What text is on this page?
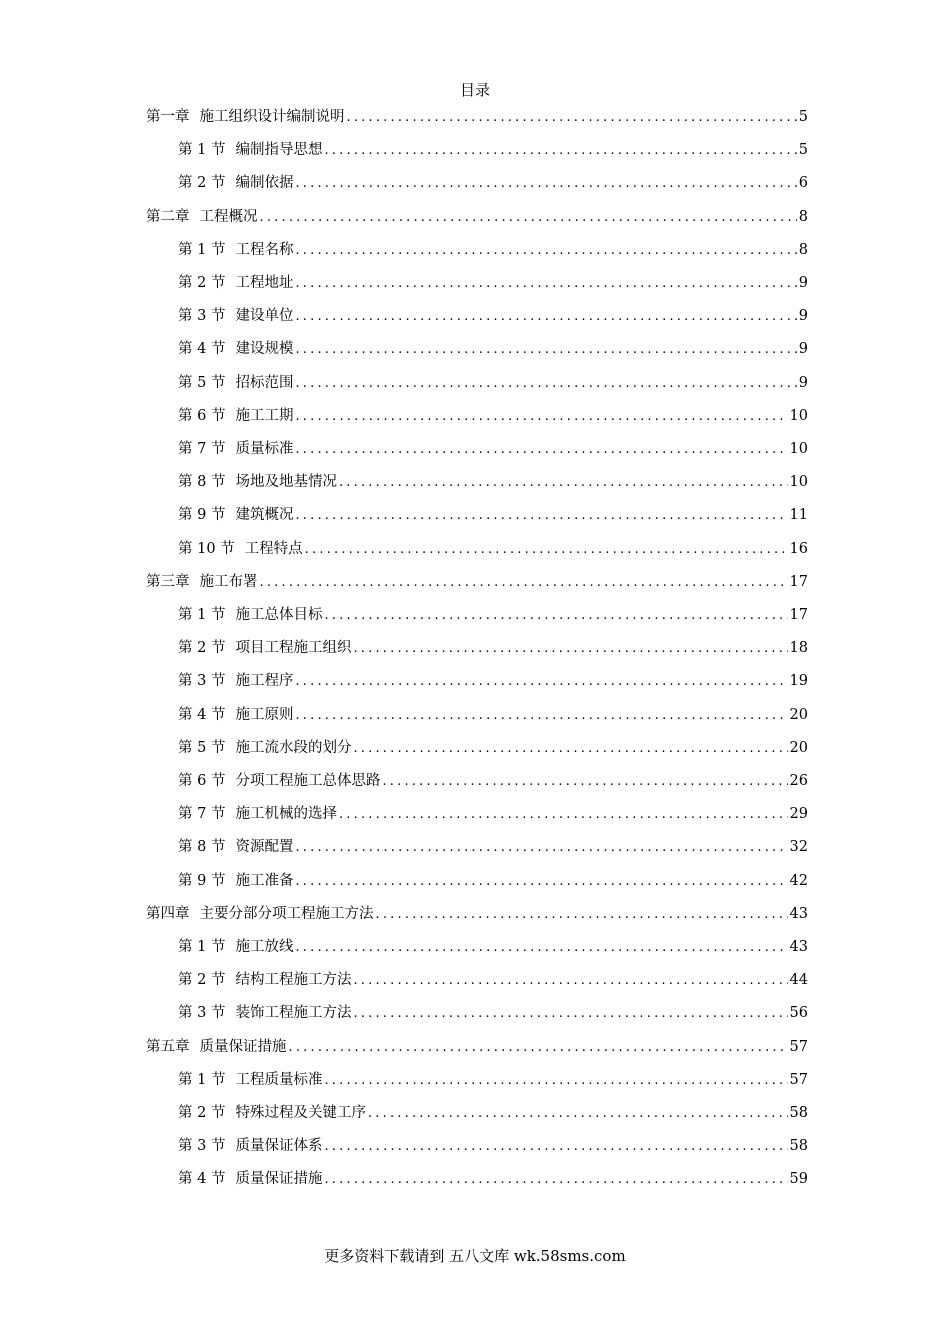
目录
第一章 施工组织设计编制说明 .....	5
第 1 节 编制指导思想 .....	5
第 2 节 编制依据 .....	6
第二章 工程概况 .....	8
第 1 节 工程名称 .....	8
第 2 节 工程地址 .....	9
第 3 节 建设单位 .....	9
第 4 节 建设规模 .....	9
第 5 节 招标范围 .....	9
第 6 节 施工工期 .....	10
第 7 节 质量标准 .....	10
第 8 节 场地及地基情况 .....	10
第 9 节 建筑概况 .....	11
第 10 节 工程特点 .....	16
第三章 施工布署 .....	17
第 1 节 施工总体目标 .....	17
第 2 节 项目工程施工组织 .....	18
第 3 节 施工程序 .....	19
第 4 节 施工原则 .....	20
第 5 节 施工流水段的划分 .....	20
第 6 节 分项工程施工总体思路 .....	26
第 7 节 施工机械的选择 .....	29
第 8 节 资源配置 .....	32
第 9 节 施工准备 .....	42
第四章 主要分部分项工程施工方法 .....	43
第 1 节 施工放线 .....	43
第 2 节 结构工程施工方法 .....	44
第 3 节 装饰工程施工方法 .....	56
第五章 质量保证措施 .....	57
第 1 节 工程质量标准 .....	57
第 2 节 特殊过程及关键工序 .....	58
第 3 节 质量保证体系 .....	58
第 4 节 质量保证措施 .....	59
更多资料下载请到 五八文库 wk.58sms.com
